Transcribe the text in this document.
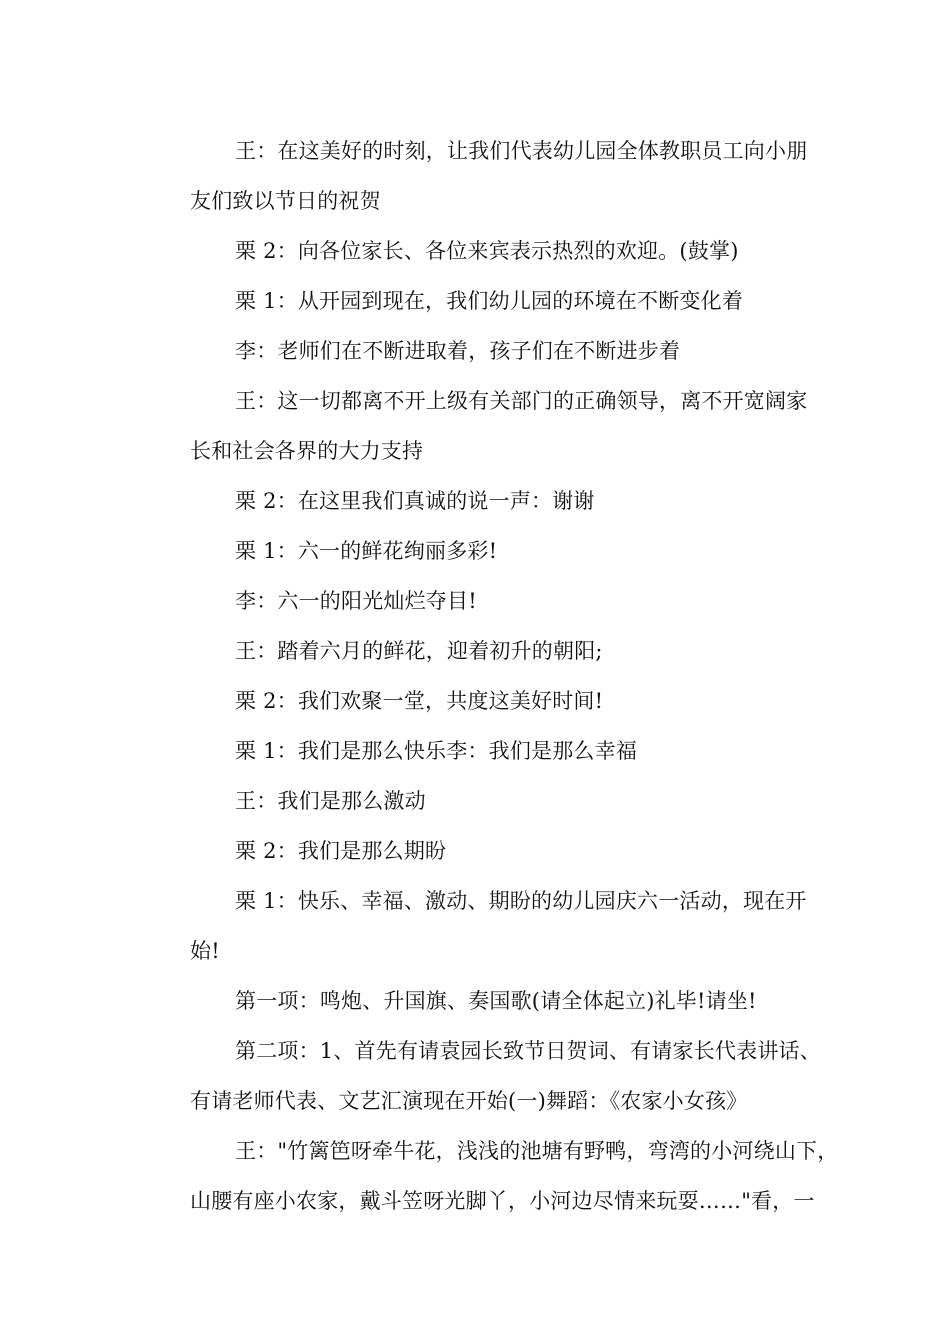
王：在这美好的时刻，让我们代表幼儿园全体教职员工向小朋
友们致以节日的祝贺
栗 2：向各位家长、各位来宾表示热烈的欢迎。(鼓掌)
栗 1：从开园到现在，我们幼儿园的环境在不断变化着
李：老师们在不断进取着，孩子们在不断进步着
王：这一切都离不开上级有关部门的正确领导，离不开宽阔家
长和社会各界的大力支持
栗 2：在这里我们真诚的说一声：谢谢
栗 1：六一的鲜花绚丽多彩!
李：六一的阳光灿烂夺目!
王：踏着六月的鲜花，迎着初升的朝阳;
栗 2：我们欢聚一堂，共度这美好时间!
栗 1：我们是那么快乐李：我们是那么幸福
王：我们是那么激动
栗 2：我们是那么期盼
栗 1：快乐、幸福、激动、期盼的幼儿园庆六一活动，现在开
始!
第一项：鸣炮、升国旗、奏国歌(请全体起立)礼毕!请坐!
第二项：1、首先有请袁园长致节日贺词、有请家长代表讲话、
有请老师代表、文艺汇演现在开始(一)舞蹈：《农家小女孩》
王："竹篱笆呀牵牛花，浅浅的池塘有野鸭，弯湾的小河绕山下，
山腰有座小农家，戴斗笠呀光脚丫，小河边尽情来玩耍……"看，一
